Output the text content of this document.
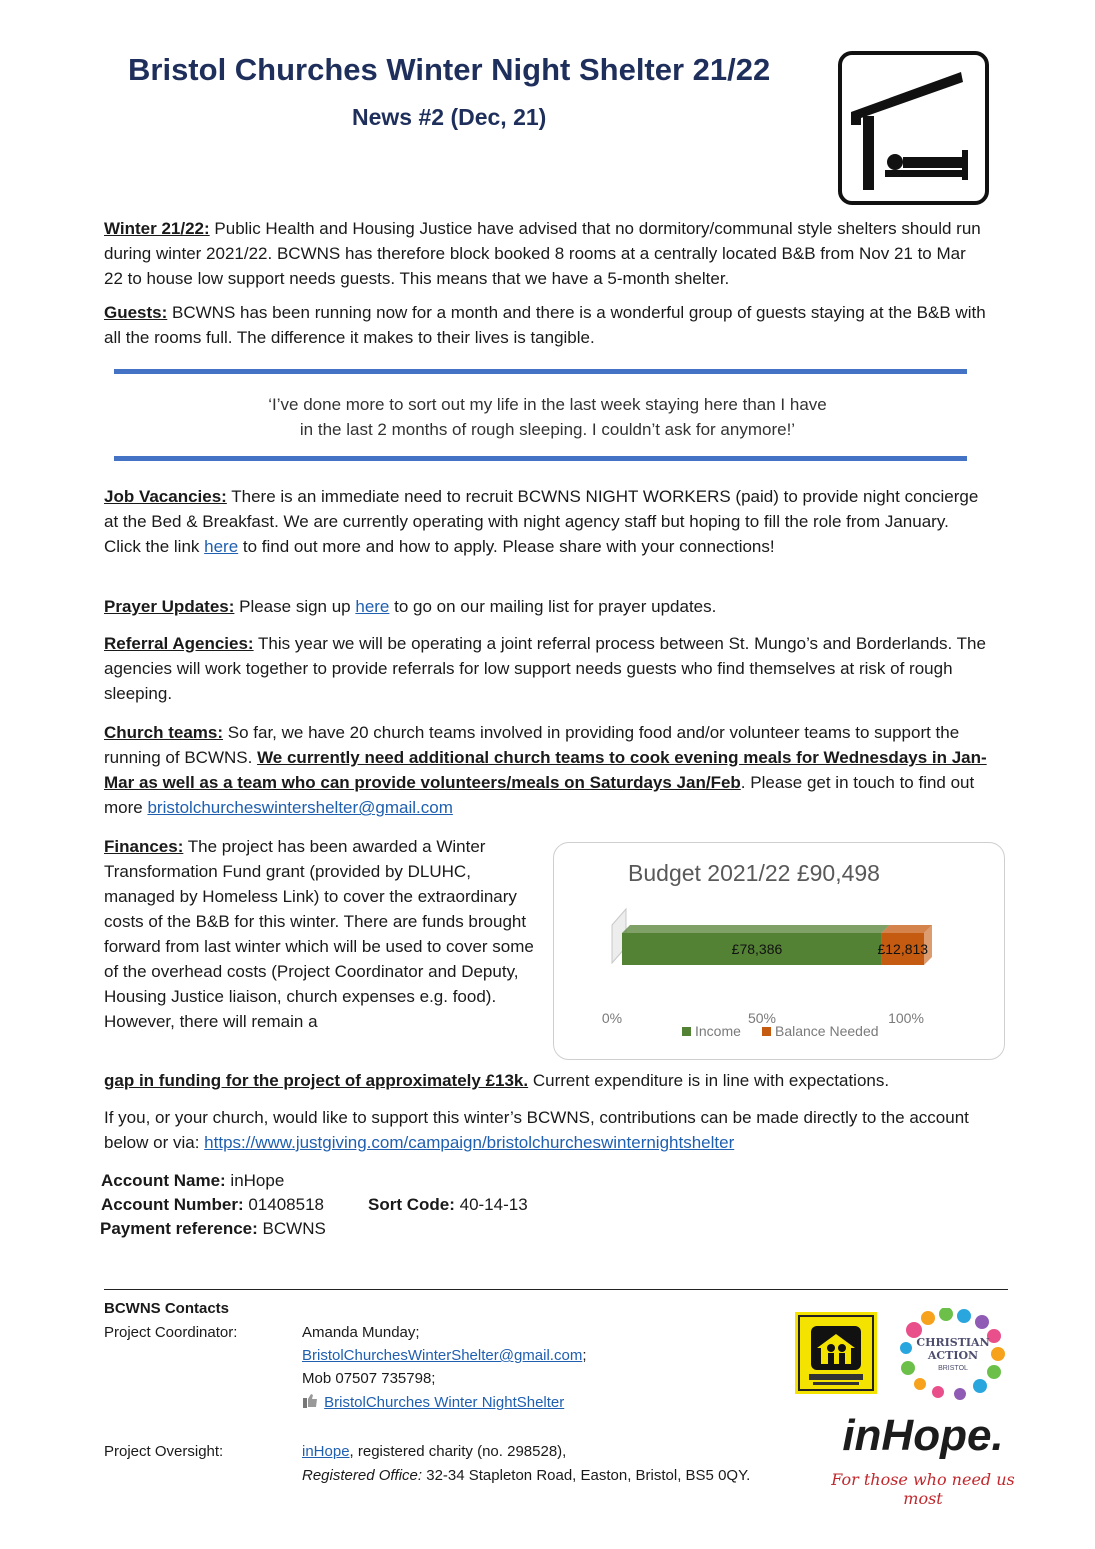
Bristol Churches Winter Night Shelter 21/22
News #2 (Dec, 21)
Winter 21/22: Public Health and Housing Justice have advised that no dormitory/communal style shelters should run during winter 2021/22. BCWNS has therefore block booked 8 rooms at a centrally located B&B from Nov 21 to Mar 22 to house low support needs guests. This means that we have a 5-month shelter.
Guests: BCWNS has been running now for a month and there is a wonderful group of guests staying at the B&B with all the rooms full. The difference it makes to their lives is tangible.
‘I’ve done more to sort out my life in the last week staying here than I have
in the last 2 months of rough sleeping. I couldn’t ask for anymore!’
Job Vacancies: There is an immediate need to recruit BCWNS NIGHT WORKERS (paid) to provide night concierge at the Bed & Breakfast. We are currently operating with night agency staff but hoping to fill the role from January. Click the link here to find out more and how to apply. Please share with your connections!
Prayer Updates: Please sign up here to go on our mailing list for prayer updates.
Referral Agencies: This year we will be operating a joint referral process between St. Mungo’s and Borderlands. The agencies will work together to provide referrals for low support needs guests who find themselves at risk of rough sleeping.
Church teams: So far, we have 20 church teams involved in providing food and/or volunteer teams to support the running of BCWNS. We currently need additional church teams to cook evening meals for Wednesdays in Jan-Mar as well as a team who can provide volunteers/meals on Saturdays Jan/Feb. Please get in touch to find out more bristolchurcheswintershelter@gmail.com
Finances: The project has been awarded a Winter Transformation Fund grant (provided by DLUHC, managed by Homeless Link) to cover the extraordinary costs of the B&B for this winter. There are funds brought forward from last winter which will be used to cover some of the overhead costs (Project Coordinator and Deputy, Housing Justice liaison, church expenses e.g. food). However, there will remain a
gap in funding for the project of approximately £13k. Current expenditure is in line with expectations.
Budget 2021/22 £90,498
£78,386	£12,813
0%	50%	100%
Income Balance Needed
If you, or your church, would like to support this winter’s BCWNS, contributions can be made directly to the account below or via: https://www.justgiving.com/campaign/bristolchurcheswinternightshelter
Account Name: inHope
Account Number: 01408518	Sort Code: 40-14-13
Payment reference: BCWNS
BCWNS Contacts
Project Coordinator:	Amanda Munday;
BristolChurchesWinterShelter@gmail.com;
Mob 07507 735798;
BristolChurches Winter NightShelter
Project Oversight:	inHope, registered charity (no. 298528),
Registered Office: 32-34 Stapleton Road, Easton, Bristol, BS5 0QY.
CHRISTIAN ACTION
BRISTOL
inHope.
For those who need us most
